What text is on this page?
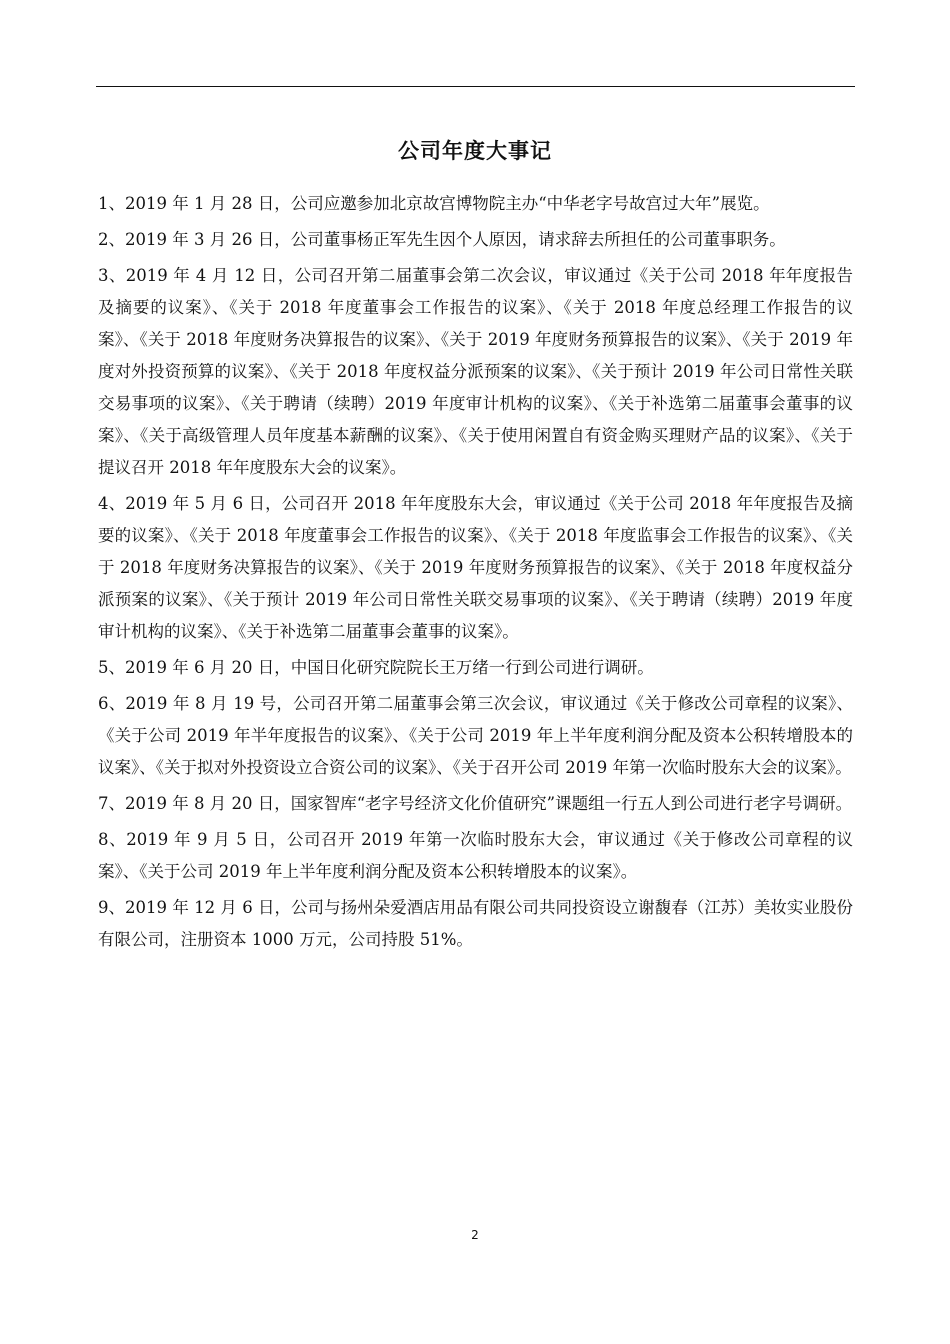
公司年度大事记

1、2019 年 1 月 28 日，公司应邀参加北京故宫博物院主办“中华老字号故宫过大年”展览。

2、2019 年 3 月 26 日，公司董事杨正军先生因个人原因，请求辞去所担任的公司董事职务。

3、2019 年 4 月 12 日，公司召开第二届董事会第二次会议，审议通过《关于公司 2018 年年度报告及摘要的议案》、《关于 2018 年度董事会工作报告的议案》、《关于 2018 年度总经理工作报告的议案》、《关于 2018 年度财务决算报告的议案》、《关于 2019 年度财务预算报告的议案》、《关于 2019 年度对外投资预算的议案》、《关于 2018 年度权益分派预案的议案》、《关于预计 2019 年公司日常性关联交易事项的议案》、《关于聘请（续聘）2019 年度审计机构的议案》、《关于补选第二届董事会董事的议案》、《关于高级管理人员年度基本薪酬的议案》、《关于使用闲置自有资金购买理财产品的议案》、《关于提议召开 2018 年年度股东大会的议案》。

4、2019 年 5 月 6 日，公司召开 2018 年年度股东大会，审议通过《关于公司 2018 年年度报告及摘要的议案》、《关于 2018 年度董事会工作报告的议案》、《关于 2018 年度监事会工作报告的议案》、《关于 2018 年度财务决算报告的议案》、《关于 2019 年度财务预算报告的议案》、《关于 2018 年度权益分派预案的议案》、《关于预计 2019 年公司日常性关联交易事项的议案》、《关于聘请（续聘）2019 年度审计机构的议案》、《关于补选第二届董事会董事的议案》。

5、2019 年 6 月 20 日，中国日化研究院院长王万绪一行到公司进行调研。

6、2019 年 8 月 19 号，公司召开第二届董事会第三次会议，审议通过《关于修改公司章程的议案》、《关于公司 2019 年半年度报告的议案》、《关于公司 2019 年上半年度利润分配及资本公积转增股本的议案》、《关于拟对外投资设立合资公司的议案》、《关于召开公司 2019 年第一次临时股东大会的议案》。

7、2019 年 8 月 20 日，国家智库“老字号经济文化价值研究”课题组一行五人到公司进行老字号调研。

8、2019 年 9 月 5 日，公司召开 2019 年第一次临时股东大会，审议通过《关于修改公司章程的议案》、《关于公司 2019 年上半年度利润分配及资本公积转增股本的议案》。

9、2019 年 12 月 6 日，公司与扬州朵爱酒店用品有限公司共同投资设立谢馥春（江苏）美妆实业股份有限公司，注册资本 1000 万元，公司持股 51%。

2
